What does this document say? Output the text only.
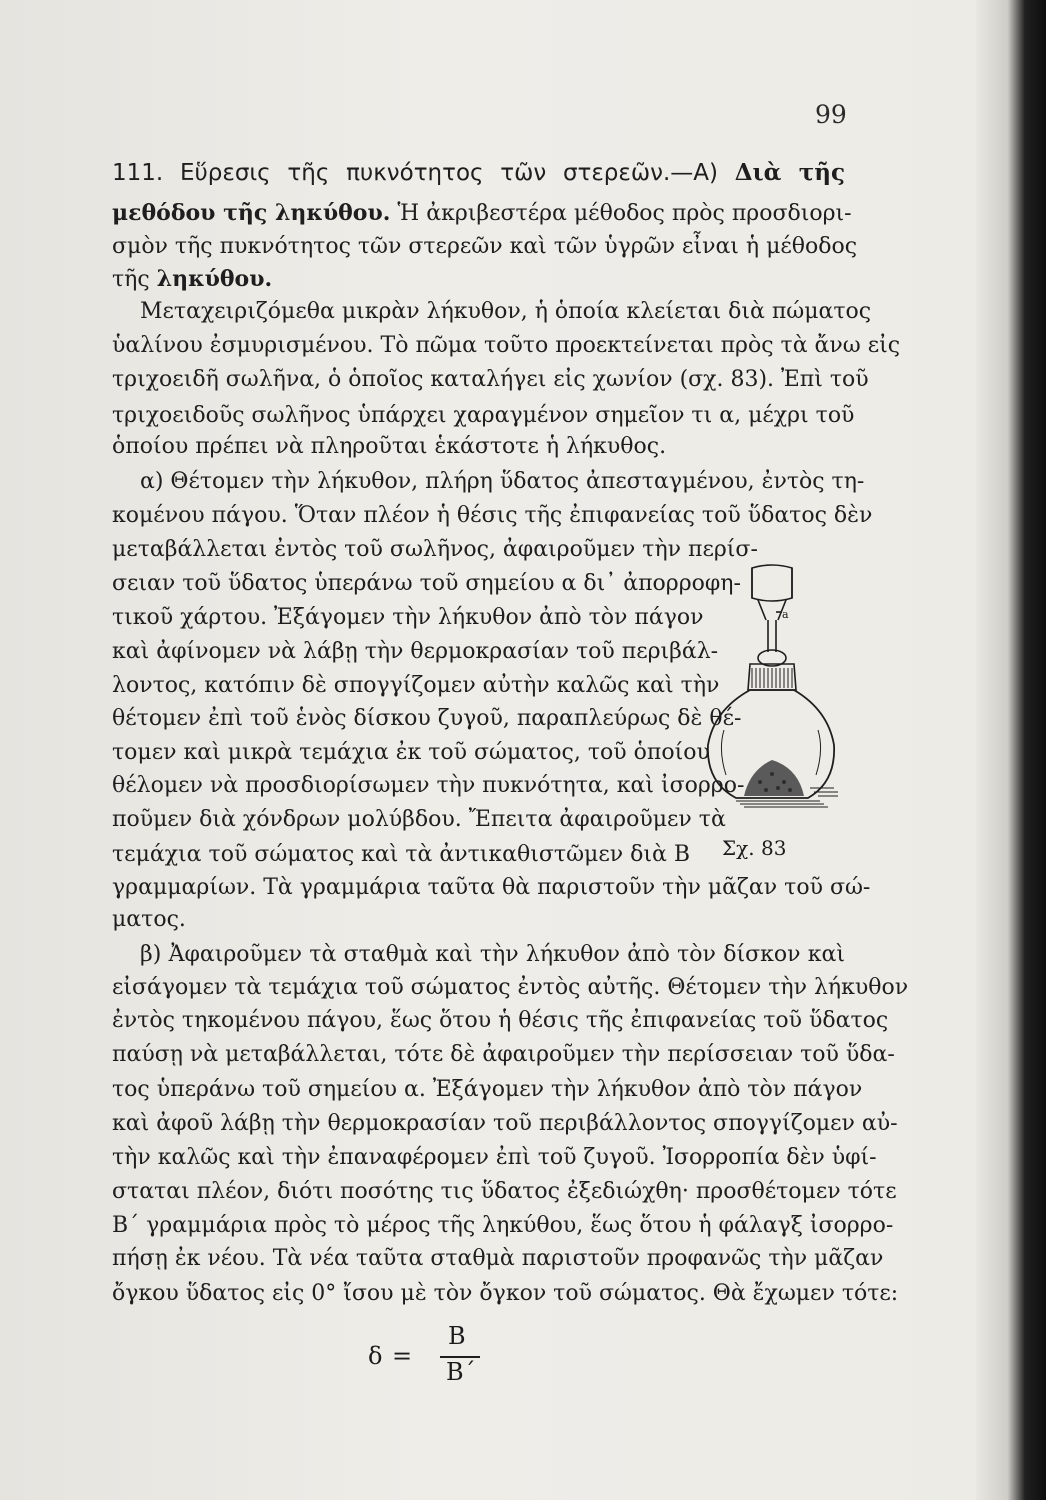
99
111. Εὕρεσις τῆς πυκνότητος τῶν στερεῶν.—Α) Διὰ τῆς
μεθόδου τῆς ληκύθου. Ἡ ἀκριβεστέρα μέθοδος πρὸς προσδιορι-
σμὸν τῆς πυκνότητος τῶν στερεῶν καὶ τῶν ὑγρῶν εἶναι ἡ μέθοδος
τῆς ληκύθου.
Μεταχειριζόμεθα μικρὰν λήκυθον, ἡ ὁποία κλείεται διὰ πώματος
ὑαλίνου ἐσμυρισμένου. Τὸ πῶμα τοῦτο προεκτείνεται πρὸς τὰ ἄνω εἰς
τριχοειδῆ σωλῆνα, ὁ ὁποῖος καταλήγει εἰς χωνίον (σχ. 83). Ἐπὶ τοῦ
τριχοειδοῦς σωλῆνος ὑπάρχει χαραγμένον σημεῖον τι α, μέχρι τοῦ
ὁποίου πρέπει νὰ πληροῦται ἑκάστοτε ἡ λήκυθος.
α) Θέτομεν τὴν λήκυθον, πλήρη ὕδατος ἀπεσταγμένου, ἐντὸς τη-
κομένου πάγου. Ὅταν πλέον ἡ θέσις τῆς ἐπιφανείας τοῦ ὕδατος δὲν
μεταβάλλεται ἐντὸς τοῦ σωλῆνος, ἀφαιροῦμεν τὴν περίσ-
σειαν τοῦ ὕδατος ὑπεράνω τοῦ σημείου α δι᾽ ἀπορροφη-
τικοῦ χάρτου. Ἐξάγομεν τὴν λήκυθον ἀπὸ τὸν πάγον
καὶ ἀφίνομεν νὰ λάβῃ τὴν θερμοκρασίαν τοῦ περιβάλ-
λοντος, κατόπιν δὲ σπογγίζομεν αὐτὴν καλῶς καὶ τὴν
θέτομεν ἐπὶ τοῦ ἑνὸς δίσκου ζυγοῦ, παραπλεύρως δὲ θέ-
τομεν καὶ μικρὰ τεμάχια ἐκ τοῦ σώματος, τοῦ ὁποίου
θέλομεν νὰ προσδιορίσωμεν τὴν πυκνότητα, καὶ ἰσορρο-
ποῦμεν διὰ χόνδρων μολύβδου. Ἔπειτα ἀφαιροῦμεν τὰ
τεμάχια τοῦ σώματος καὶ τὰ ἀντικαθιστῶμεν διὰ Β
γραμμαρίων. Τὰ γραμμάρια ταῦτα θὰ παριστοῦν τὴν μᾶζαν τοῦ σώ-
ματος.
β) Ἀφαιροῦμεν τὰ σταθμὰ καὶ τὴν λήκυθον ἀπὸ τὸν δίσκον καὶ
εἰσάγομεν τὰ τεμάχια τοῦ σώματος ἐντὸς αὐτῆς. Θέτομεν τὴν λήκυθον
ἐντὸς τηκομένου πάγου, ἕως ὅτου ἡ θέσις τῆς ἐπιφανείας τοῦ ὕδατος
παύσῃ νὰ μεταβάλλεται, τότε δὲ ἀφαιροῦμεν τὴν περίσσειαν τοῦ ὕδα-
τος ὑπεράνω τοῦ σημείου α. Ἐξάγομεν τὴν λήκυθον ἀπὸ τὸν πάγον
καὶ ἀφοῦ λάβῃ τὴν θερμοκρασίαν τοῦ περιβάλλοντος σπογγίζομεν αὐ-
τὴν καλῶς καὶ τὴν ἐπαναφέρομεν ἐπὶ τοῦ ζυγοῦ. Ἰσορροπία δὲν ὑφί-
σταται πλέον, διότι ποσότης τις ὕδατος ἐξεδιώχθη· προσθέτομεν τότε
Β΄ γραμμάρια πρὸς τὸ μέρος τῆς ληκύθου, ἕως ὅτου ἡ φάλαγξ ἰσορρο-
πήσῃ ἐκ νέου. Τὰ νέα ταῦτα σταθμὰ παριστοῦν προφανῶς τὴν μᾶζαν
ὄγκου ὕδατος εἰς 0° ἴσου μὲ τὸν ὄγκον τοῦ σώματος. Θὰ ἔχωμεν τότε:
δ =
Β
Β΄
a
Σχ. 83
